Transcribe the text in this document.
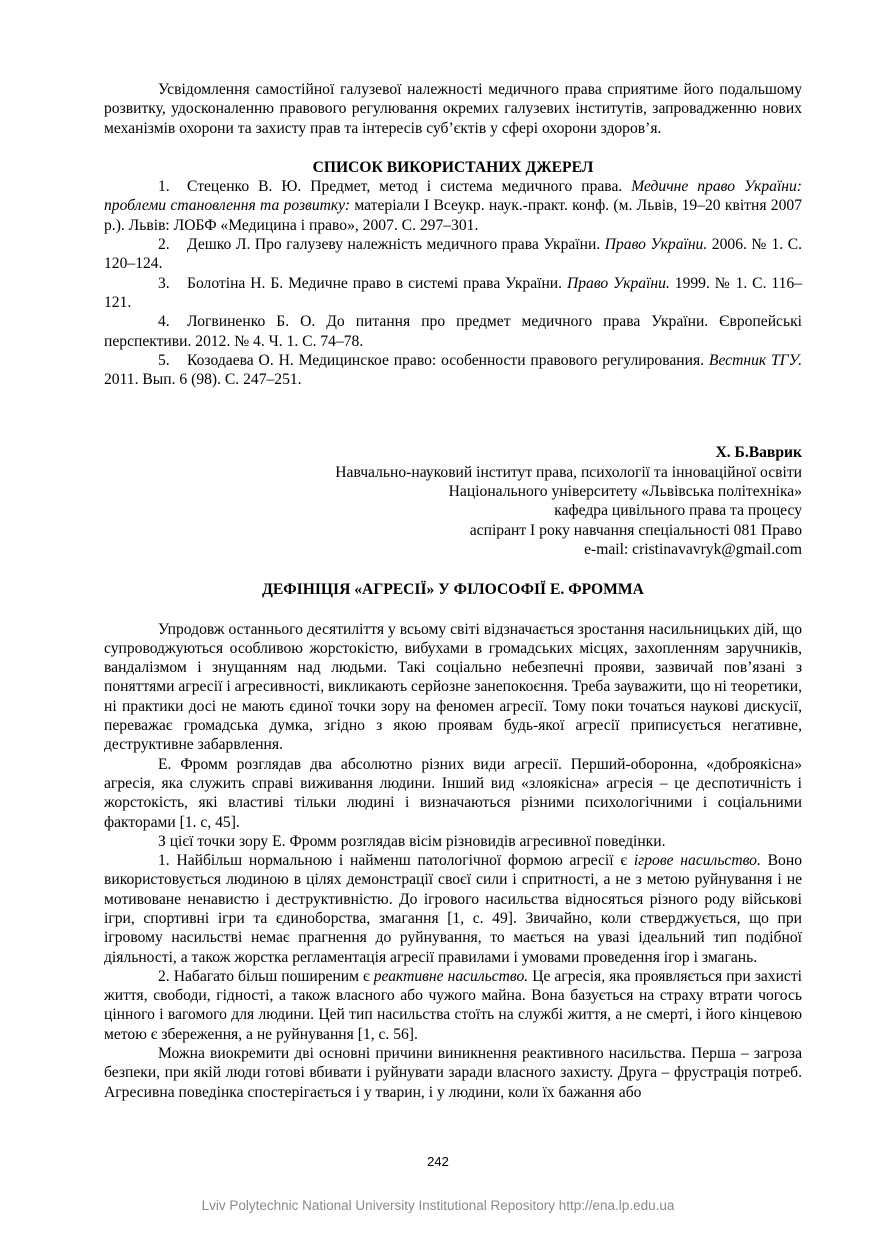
Усвідомлення самостійної галузевої належності медичного права сприятиме його подальшому розвитку, удосконаленню правового регулювання окремих галузевих інститутів, запровадженню нових механізмів охорони та захисту прав та інтересів суб’єктів у сфері охорони здоров’я.

СПИСОК ВИКОРИСТАНИХ ДЖЕРЕЛ

1. Стеценко В. Ю. Предмет, метод і система медичного права. Медичне право України: проблеми становлення та розвитку: матеріали І Всеукр. наук.-практ. конф. (м. Львів, 19–20 квітня 2007 р.). Львів: ЛОБФ «Медицина і право», 2007. С. 297–301.

2. Дешко Л. Про галузеву належність медичного права України. Право України. 2006. № 1. С. 120–124.

3. Болотіна Н. Б. Медичне право в системі права України. Право України. 1999. № 1. С. 116–121.

4. Логвиненко Б. О. До питання про предмет медичного права України. Європейські перспективи. 2012. № 4. Ч. 1. С. 74–78.

5. Козодаева О. Н. Медицинское право: особенности правового регулирования. Вестник ТГУ. 2011. Вып. 6 (98). С. 247–251.

Х. Б.Ваврик
Навчально-науковий інститут права, психології та інноваційної освіти
Національного університету «Львівська політехніка»
кафедра цивільного права та процесу
аспірант І року навчання спеціальності 081 Право
e-mail: cristinavavryk@gmail.com

ДЕФІНІЦІЯ «АГРЕСІЇ» У ФІЛОСОФІЇ Е. ФРОММА

Упродовж останнього десятиліття у всьому світі відзначається зростання насильницьких дій, що супроводжуються особливою жорстокістю, вибухами в громадських місцях, захопленням заручників, вандалізмом і знущанням над людьми. Такі соціально небезпечні прояви, зазвичай пов’язані з поняттями агресії і агресивності, викликають серйозне занепокоєння. Треба зауважити, що ні теоретики, ні практики досі не мають єдиної точки зору на феномен агресії. Тому поки точаться наукові дискусії, переважає громадська думка, згідно з якою проявам будь-якої агресії приписується негативне, деструктивне забарвлення.

Е. Фромм розглядав два абсолютно різних види агресії. Перший-оборонна, «доброякісна» агресія, яка служить справі виживання людини. Інший вид «злоякісна» агресія – це деспотичність і жорстокість, які властиві тільки людині і визначаються різними психологічними і соціальними факторами [1. с, 45].

З цієї точки зору Е. Фромм розглядав вісім різновидів агресивної поведінки.

1. Найбільш нормальною і найменш патологічної формою агресії є ігрове насильство. Воно використовується людиною в цілях демонстрації своєї сили і спритності, а не з метою руйнування і не мотивоване ненавистю і деструктивністю. До ігрового насильства відносяться різного роду військові ігри, спортивні ігри та єдиноборства, змагання [1, с. 49]. Звичайно, коли стверджується, що при ігровому насильстві немає прагнення до руйнування, то мається на увазі ідеальний тип подібної діяльності, а також жорстка регламентація агресії правилами і умовами проведення ігор і змагань.

2. Набагато більш поширеним є реактивне насильство. Це агресія, яка проявляється при захисті життя, свободи, гідності, а також власного або чужого майна. Вона базується на страху втрати чогось цінного і вагомого для людини. Цей тип насильства стоїть на службі життя, а не смерті, і його кінцевою метою є збереження, а не руйнування [1, с. 56].

Можна виокремити дві основні причини виникнення реактивного насильства. Перша – загроза безпеки, при якій люди готові вбивати і руйнувати заради власного захисту. Друга – фрустрація потреб. Агресивна поведінка спостерігається і у тварин, і у людини, коли їх бажання або

242
Lviv Polytechnic National University Institutional Repository http://ena.lp.edu.ua
